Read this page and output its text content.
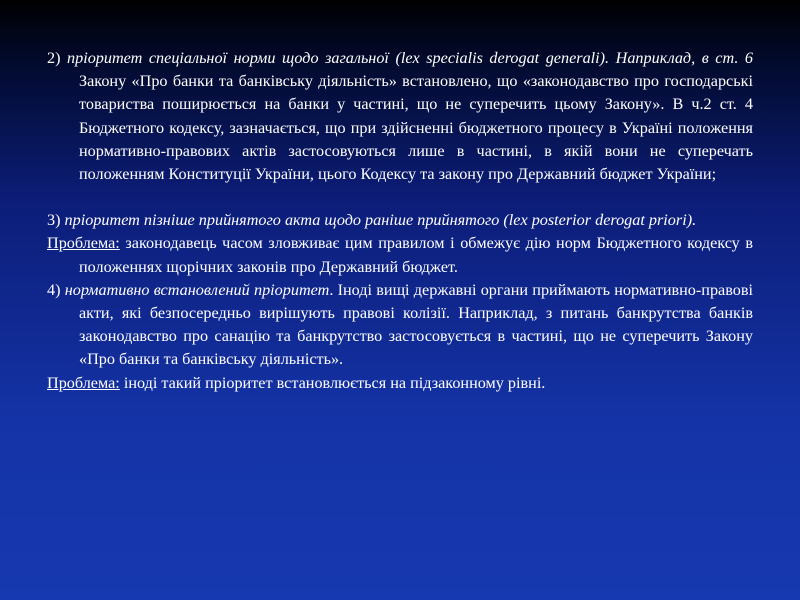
2) пріоритет спеціальної норми щодо загальної (lex specialis derogat generali). Наприклад, в ст. 6 Закону «Про банки та банківську діяльність» встановлено, що «законодавство про господарські товариства поширюється на банки у частині, що не суперечить цьому Закону». В ч.2 ст. 4 Бюджетного кодексу, зазначається, що при здійсненні бюджетного процесу в Україні положення нормативно-правових актів застосовуються лише в частині, в якій вони не суперечать положенням Конституції України, цього Кодексу та закону про Державний бюджет України;
3) пріоритет пізніше прийнятого акта щодо раніше прийнятого (lex posterior derogat priori).
Проблема: законодавець часом зловживає цим правилом і обмежує дію норм Бюджетного кодексу в положеннях щорічних законів про Державний бюджет.
4) нормативно встановлений пріоритет. Іноді вищі державні органи приймають нормативно-правові акти, які безпосередньо вирішують правові колізії. Наприклад, з питань банкрутства банків законодавство про санацію та банкрутство застосовується в частині, що не суперечить Закону «Про банки та банківську діяльність».
Проблема: іноді такий пріоритет встановлюється на підзаконному рівні.
